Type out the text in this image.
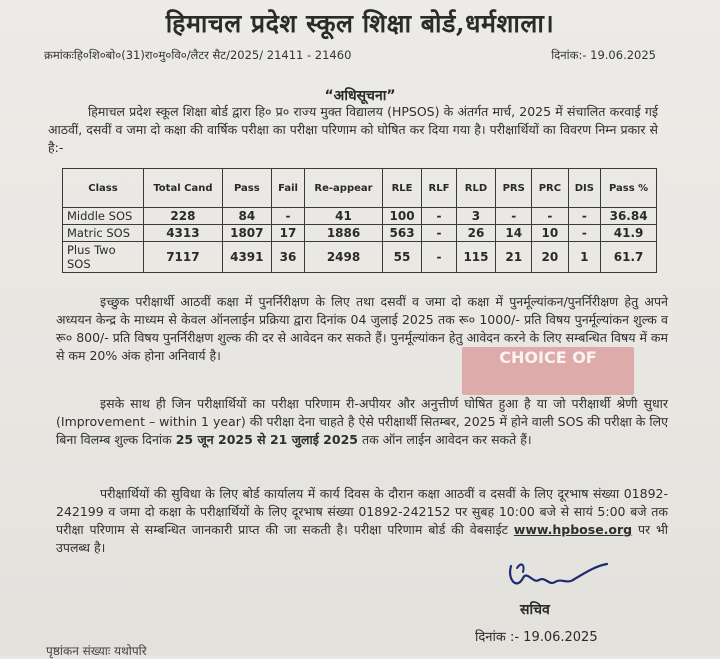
हिमाचल प्रदेश स्कूल शिक्षा बोर्ड,धर्मशाला।
क्रमांकःहि०शि०बो०(31)रा०मु०वि०/लैटर सैट/2025/ 21411 - 21460	दिनांक:- 19.06.2025
“अधिसूचना”
हिमाचल प्रदेश स्कूल शिक्षा बोर्ड द्वारा हि० प्र० राज्य मुक्त विद्यालय (HPSOS) के अंतर्गत मार्च, 2025 में संचालित करवाई गई आठवीं, दसवीं व जमा दो कक्षा की वार्षिक परीक्षा का परीक्षा परिणाम को घोषित कर दिया गया है। परीक्षार्थियों का विवरण निम्न प्रकार से है:-
Class	Total Cand	Pass	Fail	Re-appear	RLE	RLF	RLD	PRS	PRC	DIS	Pass %
Middle SOS	228	84	-	41	100	-	3	-	-	-	36.84
Matric SOS	4313	1807	17	1886	563	-	26	14	10	-	41.9
Plus Two SOS	7117	4391	36	2498	55	-	115	21	20	1	61.7
इच्छुक परीक्षार्थी आठवीं कक्षा में पुनर्निरीक्षण के लिए तथा दसवीं व जमा दो कक्षा में पुनर्मूल्यांकन/पुनर्निरीक्षण हेतु अपने अध्ययन केन्द्र के माध्यम से केवल ऑनलाईन प्रक्रिया द्वारा दिनांक 04 जुलाई 2025 तक रू० 1000/- प्रति विषय पुनर्मूल्यांकन शुल्क व रू० 800/- प्रति विषय पुनर्निरीक्षण शुल्क की दर से आवेदन कर सकते हैं। पुनर्मूल्यांकन हेतु आवेदन करने के लिए सम्बन्धित विषय में कम से कम 20% अंक होना अनिवार्य है।	CHOICE OF
इसके साथ ही जिन परीक्षार्थियों का परीक्षा परिणाम री-अपीयर और अनुत्तीर्ण घोषित हुआ है या जो परीक्षार्थी श्रेणी सुधार (Improvement – within 1 year) की परीक्षा देना चाहते है ऐसे परीक्षार्थी सितम्बर, 2025 में होने वाली SOS की परीक्षा के लिए बिना विलम्ब शुल्क दिनांक 25 जून 2025 से 21 जुलाई 2025 तक ऑन लाईन आवेदन कर सकते हैं।
परीक्षार्थियों की सुविधा के लिए बोर्ड कार्यालय में कार्य दिवस के दौरान कक्षा आठवीं व दसवीं के लिए दूरभाष संख्या 01892-242199 व जमा दो कक्षा के परीक्षार्थियों के लिए दूरभाष संख्या 01892-242152 पर सुबह 10:00 बजे से सायं 5:00 बजे तक परीक्षा परिणाम से सम्बन्धित जानकारी प्राप्त की जा सकती है। परीक्षा परिणाम बोर्ड की वेबसाईट www.hpbose.org पर भी उपलब्ध है।
सचिव
दिनांक :- 19.06.2025
पृष्ठांकन संख्याः यथोपरि
